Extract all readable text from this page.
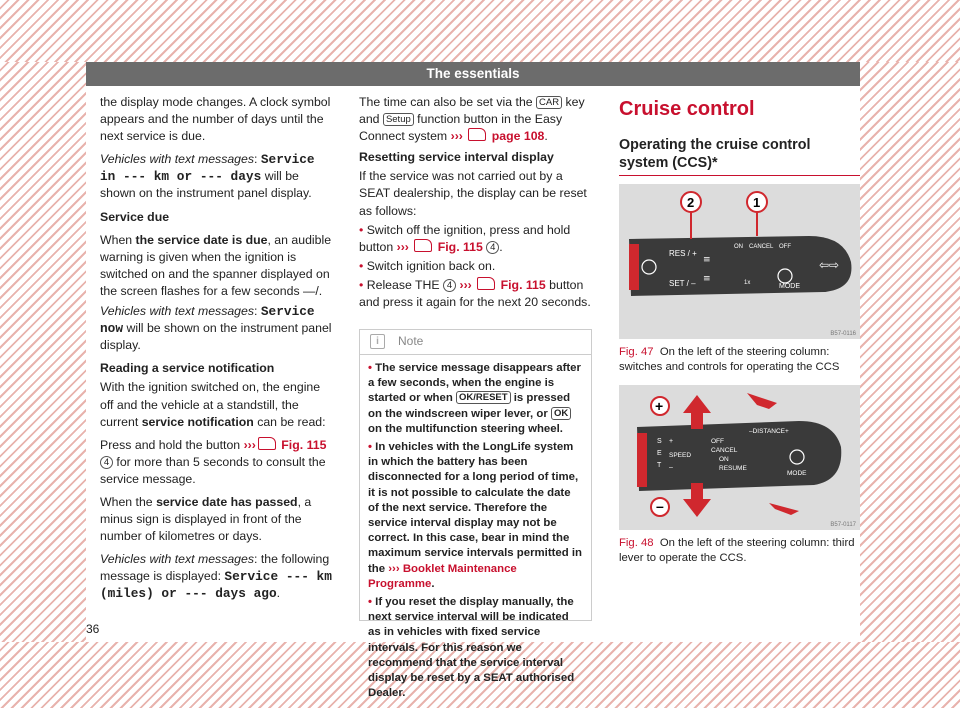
The essentials

the display mode changes. A clock symbol appears and the number of days until the next service is due.

Vehicles with text messages: Service in --- km or --- days will be shown on the instrument panel display.

Service due

When the service date is due, an audible warning is given when the ignition is switched on and the spanner displayed on the screen flashes for a few seconds —/.

Vehicles with text messages: Service now will be shown on the instrument panel display.

Reading a service notification

With the ignition switched on, the engine off and the vehicle at a standstill, the current service notification can be read:

Press and hold the button ››› Fig. 115 4 for more than 5 seconds to consult the service message.

When the service date has passed, a minus sign is displayed in front of the number of kilometres or days.

Vehicles with text messages: the following message is displayed: Service --- km (miles) or --- days ago.

The time can also be set via the CAR key and Setup function button in the Easy Connect system ››› page 108.

Resetting service interval display

If the service was not carried out by a SEAT dealership, the display can be reset as follows:

• Switch off the ignition, press and hold button ››› Fig. 115 4 .

• Switch ignition back on.

• Release THE 4 ››› Fig. 115 button and press it again for the next 20 seconds.

i	Note

• The service message disappears after a few seconds, when the engine is started or when OK/RESET is pressed on the windscreen wiper lever, or OK on the multifunction steering wheel.

• In vehicles with the LongLife system in which the battery has been disconnected for a long period of time, it is not possible to calculate the date of the next service. Therefore the service interval display may not be correct. In this case, bear in mind the maximum service intervals permitted in the ››› Booklet Maintenance Programme.

• If you reset the display manually, the next service interval will be indicated as in vehicles with fixed service intervals. For this reason we recommend that the service interval display be reset by a SEAT authorised Dealer.

Cruise control
Operating the cruise control system (CCS)*
1
2
RES / +
ON CANCEL OFF
SET / –	MODE
1x
⇦⇨
≡
≡
B57-0116
Fig. 47 On the left of the steering column: switches and controls for operating the CCS
+
–
–DISTANCE+
S
E
T
+
SPEED
–
OFF
CANCEL
ON
RESUME
MODE
B57-0117
Fig. 48 On the left of the steering column: third lever to operate the CCS.
36
